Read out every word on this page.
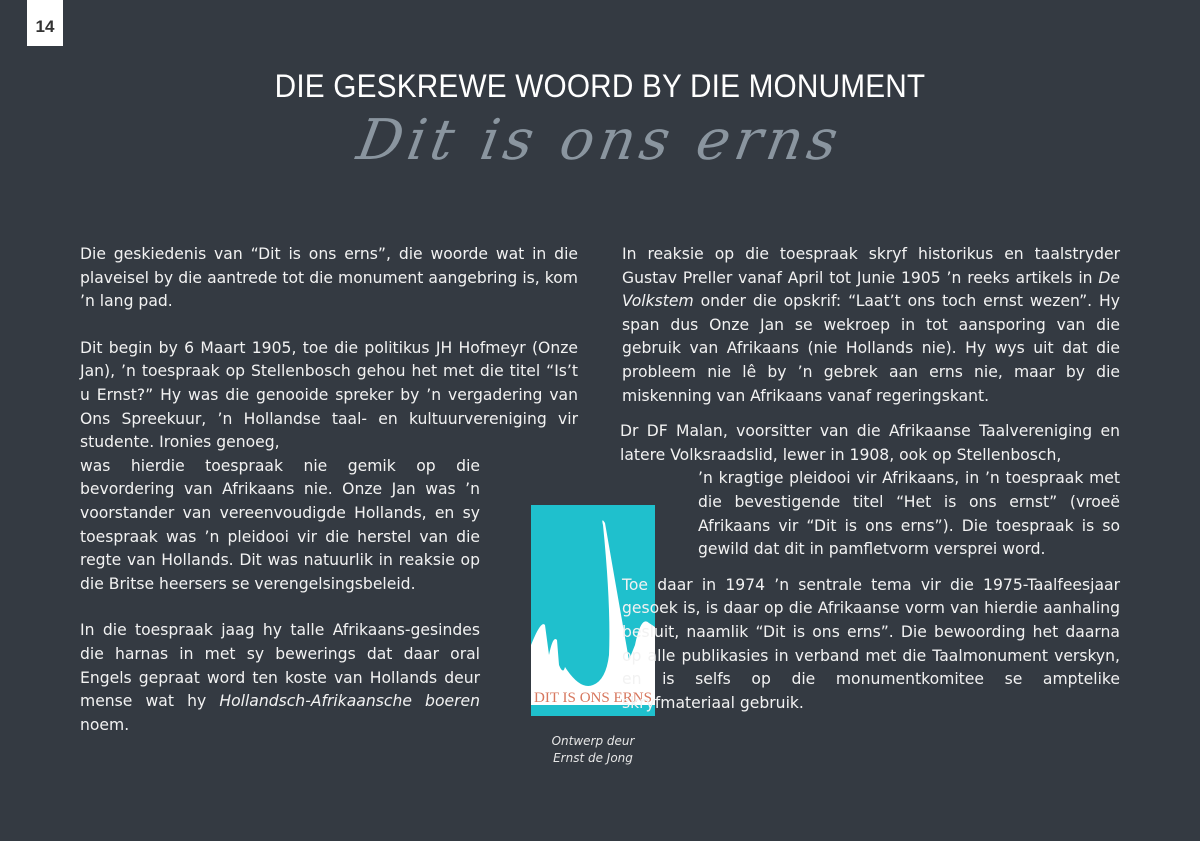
14
DIE GESKREWE WOORD BY DIE MONUMENT
Dit is ons erns

Die geskiedenis van “Dit is ons erns”, die woorde wat in die plaveisel by die aantrede tot die monument aangebring is, kom ’n lang pad.

Dit begin by 6 Maart 1905, toe die politikus JH Hofmeyr (Onze Jan), ’n toespraak op Stellenbosch gehou het met die titel “Is’t u Ernst?” Hy was die genooide spreker by ’n vergadering van Ons Spreekuur, ’n Hollandse taal- en kultuurvereniging vir studente. Ironies genoeg,
was hierdie toespraak nie gemik op die bevordering van Afrikaans nie. Onze Jan was ’n voorstander van vereenvoudigde Hollands, en sy toespraak was ’n pleidooi vir die herstel van die regte van Hollands. Dit was natuurlik in reaksie op die Britse heersers se verengelsingsbeleid.

In die toespraak jaag hy talle Afrikaans-gesindes die harnas in met sy bewerings dat daar oral Engels gepraat word ten koste van Hollands deur mense wat hy Hollandsch-Afrikaansche boeren noem.

DIT IS ONS ERNS
Ontwerp deur
Ernst de Jong

In reaksie op die toespraak skryf historikus en taalstryder Gustav Preller vanaf April tot Junie 1905 ’n reeks artikels in De Volkstem onder die opskrif: “Laat’t ons toch ernst wezen”. Hy span dus Onze Jan se wekroep in tot aansporing van die gebruik van Afrikaans (nie Hollands nie). Hy wys uit dat die probleem nie lê by ’n gebrek aan erns nie, maar by die miskenning van Afrikaans vanaf regeringskant.

Dr DF Malan, voorsitter van die Afrikaanse Taalvereniging en latere Volksraadslid, lewer in 1908, ook op Stellenbosch,
’n kragtige pleidooi vir Afrikaans, in ’n toespraak met die bevestigende titel “Het is ons ernst” (vroeë Afrikaans vir “Dit is ons erns”). Die toespraak is so gewild dat dit in pamfletvorm versprei word.

Toe daar in 1974 ’n sentrale tema vir die 1975-Taalfeesjaar gesoek is, is daar op die Afrikaanse vorm van hierdie aanhaling besluit, naamlik “Dit is ons erns”. Die bewoording het daarna op alle publikasies in verband met die Taalmonument verskyn, en is selfs op die monumentkomitee se amptelike skryfmateriaal gebruik.
